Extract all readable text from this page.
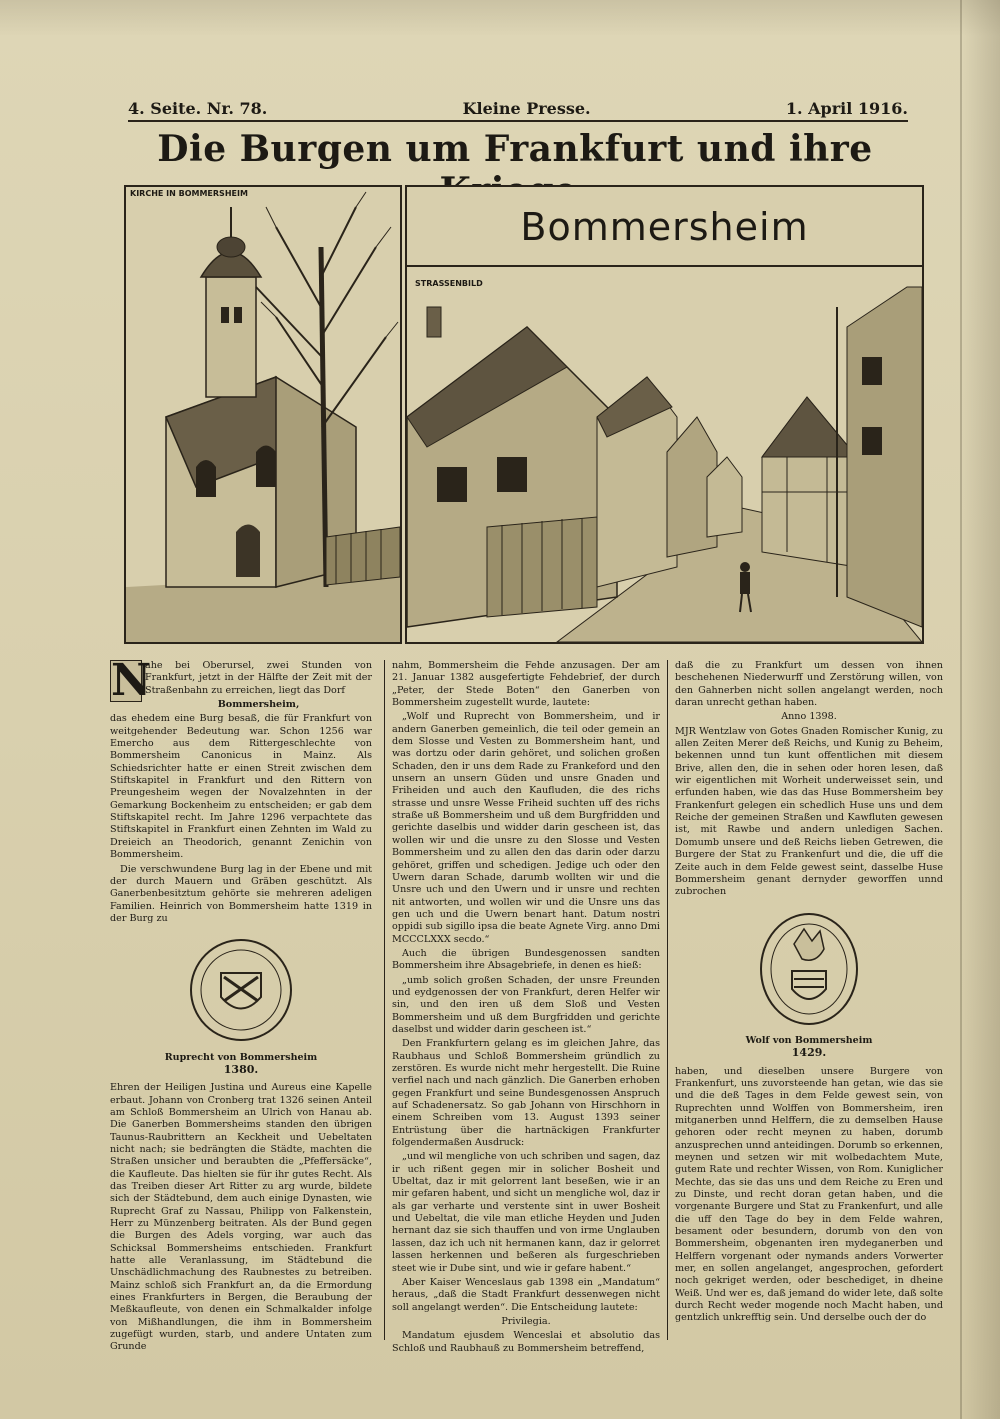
4. Seite. Nr. 78.	Kleine Presse.	1. April 1916.
Die Burgen um Frankfurt und ihre
KIRCHE IN BOMMERSHEIM
Bommersheim
STRASSENBILD

N
ahe bei Oberursel, zwei Stunden von Frankfurt, jetzt in der Hälfte der Zeit mit der Straßenbahn zu erreichen, liegt das Dorf

Bommersheim,

das ehedem eine Burg besaß, die für Frankfurt von weitgehender Bedeutung war. Schon 1256 war Emercho aus dem Rittergeschlechte von Bommersheim Canonicus in Mainz. Als Schiedsrichter hatte er einen Streit zwischen dem Stiftskapitel in Frankfurt und den Rittern von Preungesheim wegen der Novalzehnten in der Gemarkung Bockenheim zu entscheiden; er gab dem Stiftskapitel recht. Im Jahre 1296 verpachtete das Stiftskapitel in Frankfurt einen Zehnten im Wald zu Dreieich an Theodorich, genannt Zenichin von Bommersheim.

Die verschwundene Burg lag in der Ebene und mit der durch Mauern und Gräben geschützt. Als Ganerbenbesitztum gehörte sie mehreren adeligen Familien. Heinrich von Bommersheim hatte 1319 in der Burg zu

Ruprecht von Bommersheim
1380.

Ehren der Heiligen Justina und Aureus eine Kapelle erbaut. Johann von Cronberg trat 1326 seinen Anteil am Schloß Bommersheim an Ulrich von Hanau ab. Die Ganerben Bommersheims standen den übrigen Taunus-Raubrittern an Keckheit und Uebeltaten nicht nach; sie bedrängten die Städte, machten die Straßen unsicher und beraubten die „Pfeffersäcke“, die Kaufleute. Das hielten sie für ihr gutes Recht. Als das Treiben dieser Art Ritter zu arg wurde, bildete sich der Städtebund, dem auch einige Dynasten, wie Ruprecht Graf zu Nassau, Philipp von Falkenstein, Herr zu Münzenberg beitraten. Als der Bund gegen die Burgen des Adels vorging, war auch das Schicksal Bommersheims entschieden. Frankfurt hatte alle Veranlassung, im Städtebund die Unschädlichmachung des Raubnestes zu betreiben. Mainz schloß sich Frankfurt an, da die Ermordung eines Frankfurters in Bergen, die Beraubung der Meßkaufleute, von denen ein Schmalkalder infolge von Mißhandlungen, die ihm in Bommersheim zugefügt wurden, starb, und andere Untaten zum Grunde

nahm, Bommersheim die Fehde anzusagen. Der am 21. Januar 1382 ausgefertigte Fehdebrief, der durch „Peter, der Stede Boten“ den Ganerben von Bommersheim zugestellt wurde, lautete:

„Wolf und Ruprecht von Bommersheim, und ir andern Ganerben gemeinlich, die teil oder gemein an dem Slosse und Vesten zu Bommersheim hant, und was dortzu oder darin gehöret, und solichen großen Schaden, den ir uns dem Rade zu Frankeford und den unsern an unsern Güden und unsre Gnaden und Friheiden und auch den Kaufluden, die des richs strasse und unsre Wesse Friheid suchten uff des richs straße uß Bommersheim und uß dem Burgfridden und gerichte daselbis und widder darin gescheen ist, das wollen wir und die unsre zu den Slosse und Vesten Bommersheim und zu allen den das darin oder darzu gehöret, griffen und schedigen. Jedige uch oder den Uwern daran Schade, darumb wollten wir und die Unsre uch und den Uwern und ir unsre und rechten nit antworten, und wollen wir und die Unsre uns das gen uch und die Uwern benart hant. Datum nostri oppidi sub sigillo ipsa die beate Agnete Virg. anno Dmi MCCCLXXX secdo.“

Auch die übrigen Bundesgenossen sandten Bommersheim ihre Absagebriefe, in denen es hieß:

„umb solich großen Schaden, der unsre Freunden und eydgenossen der von Frankfurt, deren Helfer wir sin, und den iren uß dem Sloß und Vesten Bommersheim und uß dem Burgfridden und gerichte daselbst und widder darin gescheen ist.“

Den Frankfurtern gelang es im gleichen Jahre, das Raubhaus und Schloß Bommersheim gründlich zu zerstören. Es wurde nicht mehr hergestellt. Die Ruine verfiel nach und nach gänzlich. Die Ganerben erhoben gegen Frankfurt und seine Bundesgenossen Anspruch auf Schadenersatz. So gab Johann von Hirschhorn in einem Schreiben vom 13. August 1393 seiner Entrüstung über die hartnäckigen Frankfurter folgendermaßen Ausdruck:

„und wil mengliche von uch schriben und sagen, daz ir uch rißent gegen mir in solicher Bosheit und Ubeltat, daz ir mit gelorrent lant beseßen, wie ir an mir gefaren habent, und sicht un mengliche wol, daz ir als gar verharte und verstente sint in uwer Bosheit und Uebeltat, die vile man etliche Heyden und Juden hernant daz sie sich thauffen und von irme Unglauben lassen, daz ich uch nit hermanen kann, daz ir gelorret lassen herkennen und beßeren als furgeschrieben steet wie ir Dube sint, und wie ir gefare habent.“

Aber Kaiser Wenceslaus gab 1398 ein „Mandatum“ heraus, „daß die Stadt Frankfurt dessenwegen nicht soll angelangt werden“. Die Entscheidung lautete:

Privilegia.

Mandatum ejusdem Wenceslai et absolutio das Schloß und Raubhauß zu Bommersheim betreffend,

daß die zu Frankfurt um dessen von ihnen beschehenen Niederwurff und Zerstörung willen, von den Gahnerben nicht sollen angelangt werden, noch daran unrecht gethan haben.

Anno 1398.

MJR Wentzlaw von Gotes Gnaden Romischer Kunig, zu allen Zeiten Merer deß Reichs, und Kunig zu Beheim, bekennen unnd tun kunt offentlichen mit diesem Brive, allen den, die in sehen oder horen lesen, daß wir eigentlichen mit Worheit underweisset sein, und erfunden haben, wie das das Huse Bommersheim bey Frankenfurt gelegen ein schedlich Huse uns und dem Reiche der gemeinen Straßen und Kawfluten gewesen ist, mit Rawbe und andern unledigen Sachen. Domumb unsere und deß Reichs lieben Getrewen, die Burgere der Stat zu Frankenfurt und die, die uff die Zeite auch in dem Felde gewest seint, dasselbe Huse Bommersheim genant dernyder geworffen unnd zubrochen

Wolf von Bommersheim
1429.

haben, und dieselben unsere Burgere von Frankenfurt, uns zuvorsteende han getan, wie das sie und die deß Tages in dem Felde gewest sein, von Ruprechten unnd Wolffen von Bommersheim, iren mitganerben unnd Helffern, die zu demselben Hause gehoren oder recht meynen zu haben, dorumb anzusprechen unnd anteidingen. Dorumb so erkennen, meynen und setzen wir mit wolbedachtem Mute, gutem Rate und rechter Wissen, von Rom. Kuniglicher Mechte, das sie das uns und dem Reiche zu Eren und zu Dinste, und recht doran getan haben, und die vorgenante Burgere und Stat zu Frankenfurt, und alle die uff den Tage do bey in dem Felde wahren, besament oder besundern, dorumb von den von Bommersheim, obgenanten iren mydeganerben und Helffern vorgenant oder nymands anders Vorwerter mer, en sollen angelanget, angesprochen, gefordert noch gekriget werden, oder beschediget, in dheine Weiß. Und wer es, daß jemand do wider lete, daß solte durch Recht weder mogende noch Macht haben, und gentzlich unkrefftig sein. Und derselbe ouch der do
